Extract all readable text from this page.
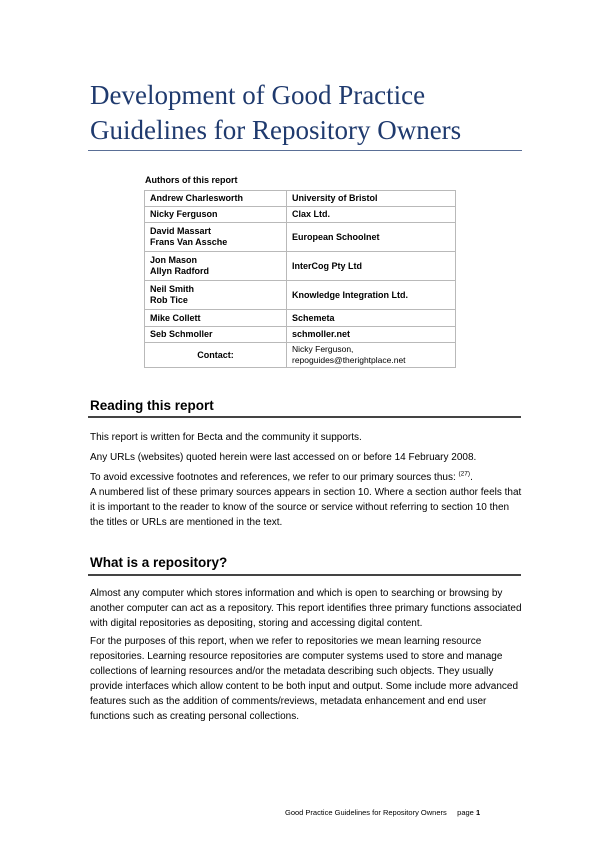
Development of Good Practice
Guidelines for Repository Owners
Authors of this report
Andrew Charlesworth	University of Bristol
Nicky Ferguson	Clax Ltd.
David Massart
Frans Van Assche	European Schoolnet
Jon Mason
Allyn Radford	InterCog Pty Ltd
Neil Smith
Rob Tice	Knowledge Integration Ltd.
Mike Collett	Schemeta
Seb Schmoller	schmoller.net
Contact:	Nicky Ferguson, repoguides@therightplace.net
Reading this report

This report is written for Becta and the community it supports.

Any URLs (websites) quoted herein were last accessed on or before 14 February 2008.

To avoid excessive footnotes and references, we refer to our primary sources thus: $^{(27)}$.
A numbered list of these primary sources appears in section 10. Where a section author feels that it is important to the reader to know of the source or service without referring to section 10 then the titles or URLs are mentioned in the text.

What is a repository?

Almost any computer which stores information and which is open to searching or browsing by another computer can act as a repository. This report identifies three primary functions associated with digital repositories as depositing, storing and accessing digital content.

For the purposes of this report, when we refer to repositories we mean learning resource repositories. Learning resource repositories are computer systems used to store and manage collections of learning resources and/or the metadata describing such objects. They usually provide interfaces which allow content to be both input and output. Some include more advanced features such as the addition of comments/reviews, metadata enhancement and end user functions such as creating personal collections.

Good Practice Guidelines for Repository Owners page 1
